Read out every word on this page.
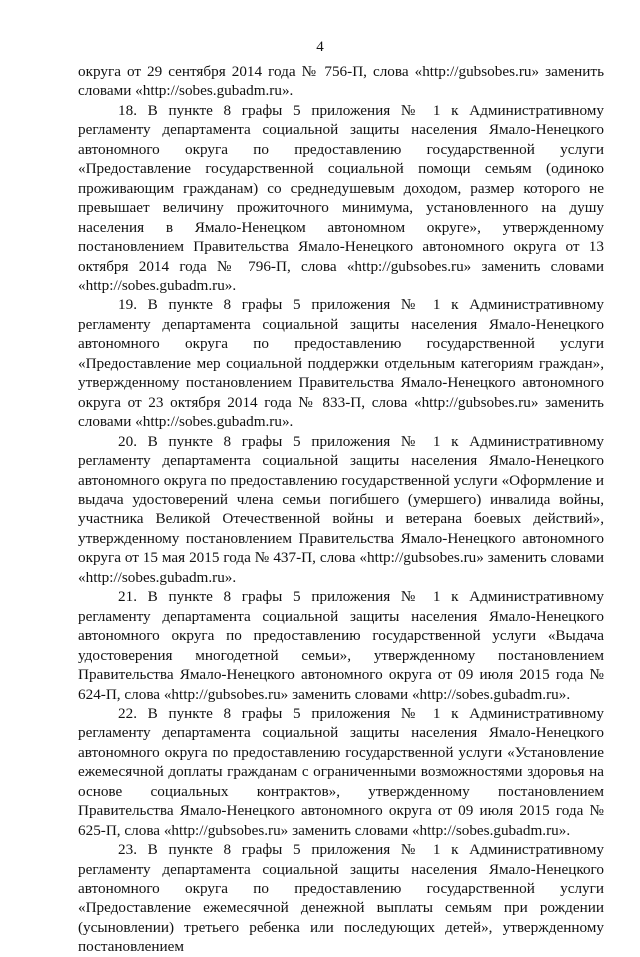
4

округа от 29 сентября 2014 года № 756-П, слова «http://gubsobes.ru» заменить словами «http://sobes.gubadm.ru».

18. В пункте 8 графы 5 приложения № 1 к Административному регламенту департамента социальной защиты населения Ямало-Ненецкого автономного округа по предоставлению государственной услуги «Предоставление государственной социальной помощи семьям (одиноко проживающим гражданам) со среднедушевым доходом, размер которого не превышает величину прожиточного минимума, установленного на душу населения в Ямало-Ненецком автономном округе», утвержденному постановлением Правительства Ямало-Ненецкого автономного округа от 13 октября 2014 года № 796-П, слова «http://gubsobes.ru» заменить словами «http://sobes.gubadm.ru».

19. В пункте 8 графы 5 приложения № 1 к Административному регламенту департамента социальной защиты населения Ямало-Ненецкого автономного округа по предоставлению государственной услуги «Предоставление мер социальной поддержки отдельным категориям граждан», утвержденному постановлением Правительства Ямало-Ненецкого автономного округа от 23 октября 2014 года № 833-П, слова «http://gubsobes.ru» заменить словами «http://sobes.gubadm.ru».

20. В пункте 8 графы 5 приложения № 1 к Административному регламенту департамента социальной защиты населения Ямало-Ненецкого автономного округа по предоставлению государственной услуги «Оформление и выдача удостоверений члена семьи погибшего (умершего) инвалида войны, участника Великой Отечественной войны и ветерана боевых действий», утвержденному постановлением Правительства Ямало-Ненецкого автономного округа от 15 мая 2015 года № 437-П, слова «http://gubsobes.ru» заменить словами «http://sobes.gubadm.ru».

21. В пункте 8 графы 5 приложения № 1 к Административному регламенту департамента социальной защиты населения Ямало-Ненецкого автономного округа по предоставлению государственной услуги «Выдача удостоверения многодетной семьи», утвержденному постановлением Правительства Ямало-Ненецкого автономного округа от 09 июля 2015 года № 624-П, слова «http://gubsobes.ru» заменить словами «http://sobes.gubadm.ru».

22. В пункте 8 графы 5 приложения № 1 к Административному регламенту департамента социальной защиты населения Ямало-Ненецкого автономного округа по предоставлению государственной услуги «Установление ежемесячной доплаты гражданам с ограниченными возможностями здоровья на основе социальных контрактов», утвержденному постановлением Правительства Ямало-Ненецкого автономного округа от 09 июля 2015 года № 625-П, слова «http://gubsobes.ru» заменить словами «http://sobes.gubadm.ru».

23. В пункте 8 графы 5 приложения № 1 к Административному регламенту департамента социальной защиты населения Ямало-Ненецкого автономного округа по предоставлению государственной услуги «Предоставление ежемесячной денежной выплаты семьям при рождении (усыновлении) третьего ребенка или последующих детей», утвержденному постановлением
